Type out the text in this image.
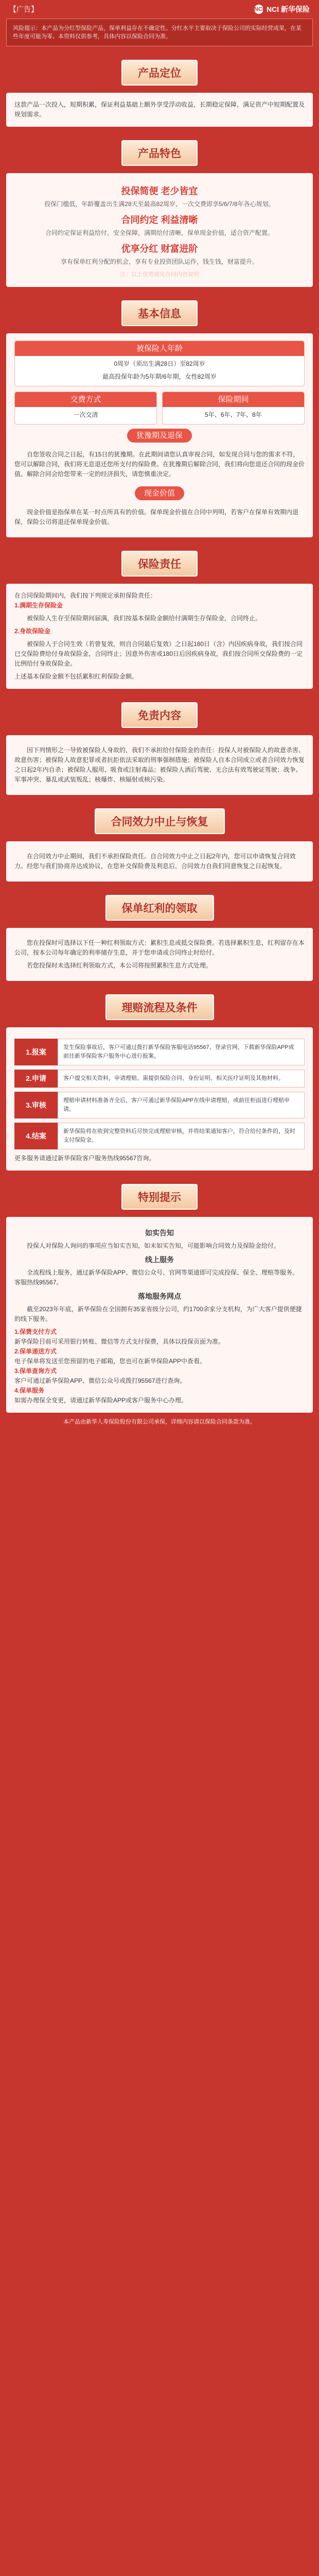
【广告】	NCI NCI 新华保险
风险提示：本产品为分红型保险产品，保单利益存在不确定性。分红水平主要取决于保险公司的实际经营成果，在某些年度可能为零。本资料仅供参考，具体内容以保险合同为准。
产品定位
这款产品一次投入，短期积累，保证利益基础上额外享受浮动收益，长期稳定保障，满足资产中短期配置及规划需求。
产品特色
投保简便 老少皆宜
投保门槛低，年龄覆盖出生满28天至最高82周岁，一次交费即享5/6/7/8年各心规划。
合同约定 利益清晰
合同约定保证利益给付，安全保障，满期给付清晰，保单现金价值，适合资产配置。
优享分红 财富进阶
享有保单红利分配的机会，享有专业投资团队运作，钱生钱，财富提升。
注：以上优势请见合同内容说明
基本信息
被保险人年龄
0周岁（须出生满28日）至82周岁
最高投保年龄为5年期/6年期，女性82周岁
交费方式
一次交清
保险期间
5年、6年、7年、8年
犹豫期及退保
自您签收合同之日起，有15日的犹豫期。在此期间请您认真审视合同，如发现合同与您的需求不符，您可以解除合同，我们将无息退还您所支付的保险费。在犹豫期后解除合同，我们将向您退还合同的现金价值。解除合同会给您带来一定的经济损失，请您慎重决定。
现金价值
现金价值是指保单在某一时点所具有的价值。保单现金价值在合同中列明，若客户在保单有效期内退保，保险公司将退还保单现金价值。
保险责任
在合同保险期间内，我们按下列规定承担保险责任：
1.满期生存保险金
被保险人生存至保险期间届满，我们按基本保险金额给付满期生存保险金，合同终止。
2.身故保险金
被保险人于合同生效（若曾复效，则自合同最后复效）之日起180日（含）内因疾病身故，我们按合同已交保险费给付身故保险金，合同终止；因意外伤害或180日后因疾病身故，我们按合同所交保险费的一定比例给付身故保险金。
上述基本保险金额不包括累积红利保险金额。
免责内容
因下列情形之一导致被保险人身故的，我们不承担给付保险金的责任：投保人对被保险人的故意杀害、故意伤害；被保险人故意犯罪或者抗拒依法采取的刑事强制措施；被保险人自本合同成立或者合同效力恢复之日起2年内自杀；被保险人服用、吸食或注射毒品；被保险人酒后驾驶、无合法有效驾驶证驾驶；战争、军事冲突、暴乱或武装叛乱；核爆炸、核辐射或核污染。
合同效力中止与恢复
在合同效力中止期间，我们不承担保险责任。自合同效力中止之日起2年内，您可以申请恢复合同效力。经您与我们协商并达成协议，在您补交保险费及利息后，合同效力自我们同意恢复之日起恢复。
保单红利的领取
您在投保时可选择以下任一种红利领取方式：累积生息或抵交保险费。若选择累积生息，红利留存在本公司，按本公司每年确定的利率储存生息，并于您申请或合同终止时给付。
若您投保时未选择红利领取方式，本公司将按照累积生息方式处理。
理赔流程及条件
1.报案
发生保险事故后，客户可通过拨打新华保险客服电话95567、登录官网、下载新华保险APP或前往新华保险客户服务中心进行报案。
2.申请	客户提交相关资料，申请理赔。需提供保险合同、身份证明、相关医疗证明及其他材料。
3.审核
理赔申请材料准备齐全后，客户可通过新华保险APP在线申请理赔，或前往柜面进行理赔申请。
4.结案
新华保险将在收到完整资料后尽快完成理赔审核，并将结果通知客户，符合给付条件的，及时支付保险金。
更多服务请通过新华保险客户服务热线95567咨询。
特别提示
如实告知
投保人对保险人询问的事项应当如实告知，如未如实告知，可能影响合同效力及保险金给付。
线上服务
全流程线上服务，通过新华保险APP、微信公众号、官网等渠道即可完成投保、保全、理赔等服务。客服热线95567。
落地服务网点
截至2023年年底，新华保险在全国拥有35家省级分公司，约1700余家分支机构，为广大客户提供便捷的线下服务。
1.保费支付方式
新华保险目前可采用银行转账、微信等方式支付保费，具体以投保页面为准。
2.保单递送方式
电子保单将发送至您预留的电子邮箱，您也可在新华保险APP中查看。
3.保单查询方式
客户可通过新华保险APP、微信公众号或拨打95567进行查询。
4.保单服务
如需办理保全变更，请通过新华保险APP或客户服务中心办理。
本产品由新华人寿保险股份有限公司承保，详细内容请以保险合同条款为准。
